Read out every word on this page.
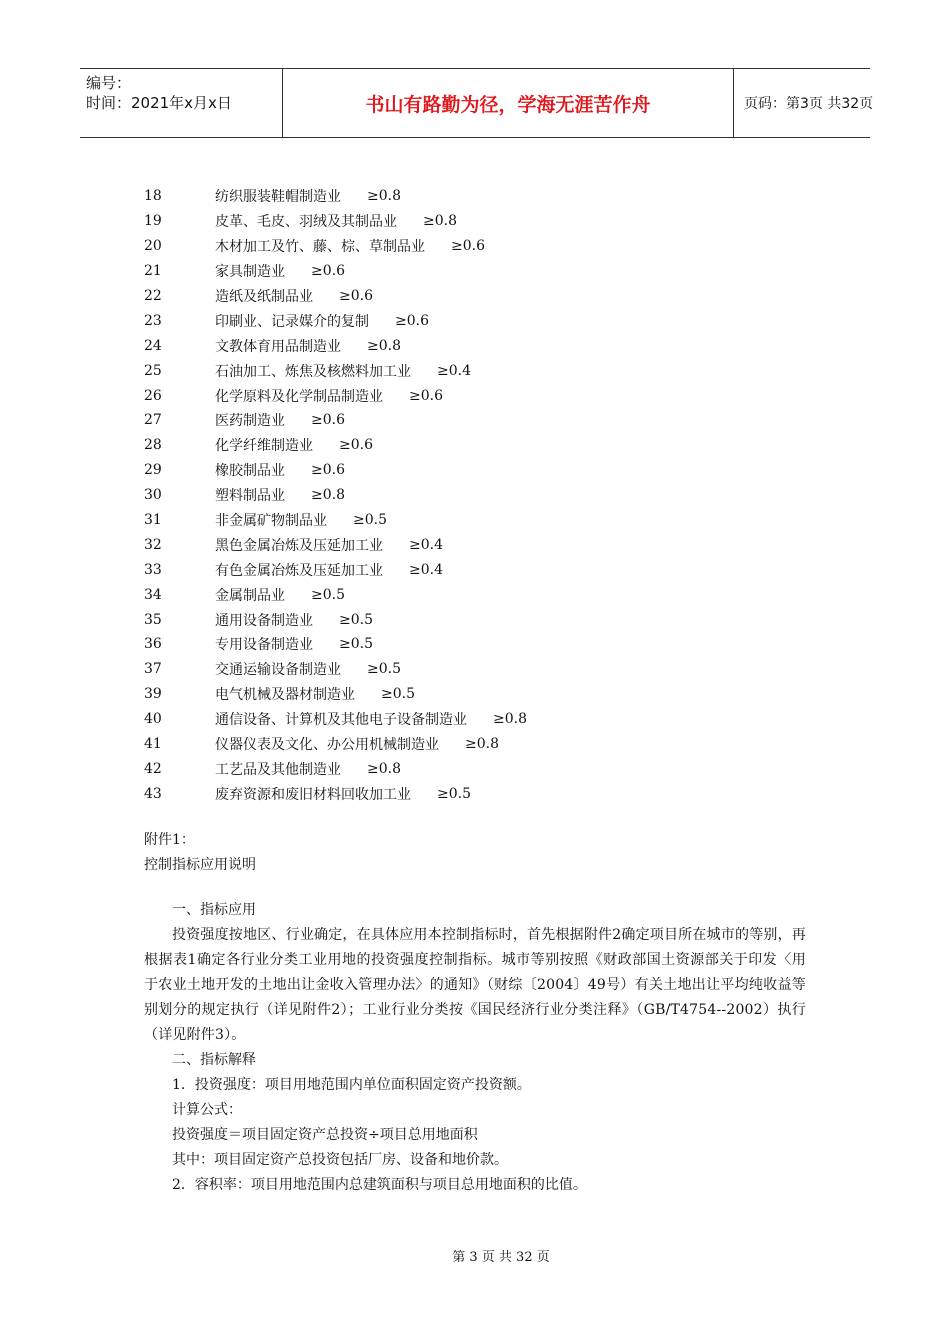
编号：
时间：2021年x月x日	书山有路勤为径，学海无涯苦作舟	页码：第3页 共32页
18	纺织服装鞋帽制造业 ≥0.8
19	皮革、毛皮、羽绒及其制品业 ≥0.8
20	木材加工及竹、藤、棕、草制品业 ≥0.6
21	家具制造业 ≥0.6
22	造纸及纸制品业 ≥0.6
23	印刷业、记录媒介的复制 ≥0.6
24	文教体育用品制造业 ≥0.8
25	石油加工、炼焦及核燃料加工业 ≥0.4
26	化学原料及化学制品制造业 ≥0.6
27	医药制造业 ≥0.6
28	化学纤维制造业 ≥0.6
29	橡胶制品业 ≥0.6
30	塑料制品业 ≥0.8
31	非金属矿物制品业 ≥0.5
32	黑色金属冶炼及压延加工业 ≥0.4
33	有色金属冶炼及压延加工业 ≥0.4
34	金属制品业 ≥0.5
35	通用设备制造业 ≥0.5
36	专用设备制造业 ≥0.5
37	交通运输设备制造业 ≥0.5
39	电气机械及器材制造业 ≥0.5
40	通信设备、计算机及其他电子设备制造业 ≥0.8
41	仪器仪表及文化、办公用机械制造业 ≥0.8
42	工艺品及其他制造业 ≥0.8
43	废弃资源和废旧材料回收加工业 ≥0.5
附件1：
控制指标应用说明
一、指标应用
投资强度按地区、行业确定，在具体应用本控制指标时，首先根据附件2确定项目所在城市的等别，再根据表1确定各行业分类工业用地的投资强度控制指标。城市等别按照《财政部国土资源部关于印发〈用于农业土地开发的土地出让金收入管理办法〉的通知》（财综〔2004〕49号）有关土地出让平均纯收益等别划分的规定执行（详见附件2）；工业行业分类按《国民经济行业分类注释》（GB/T4754--2002）执行（详见附件3）。
二、指标解释
1．投资强度：项目用地范围内单位面积固定资产投资额。
计算公式：
投资强度＝项目固定资产总投资÷项目总用地面积
其中：项目固定资产总投资包括厂房、设备和地价款。
2．容积率：项目用地范围内总建筑面积与项目总用地面积的比值。
第 3 页 共 32 页
